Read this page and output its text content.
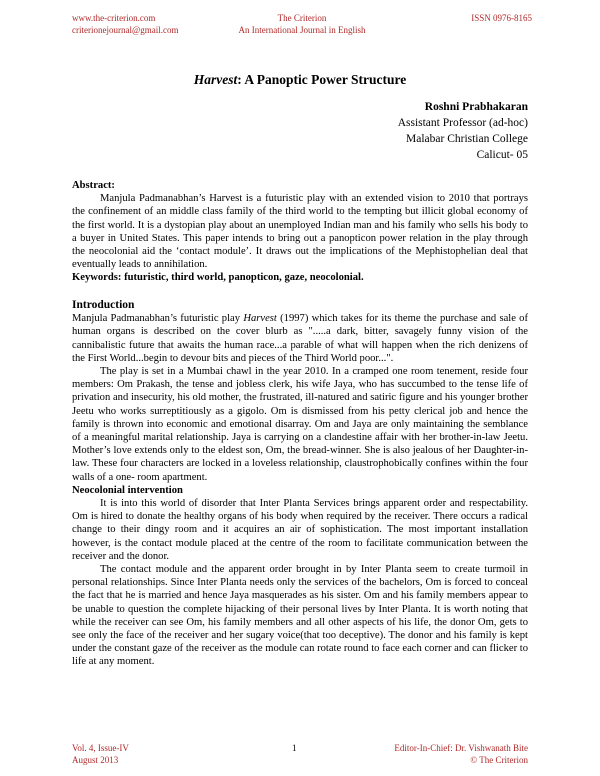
www.the-criterion.com
criterionejournal@gmail.com
The Criterion
An International Journal in English
ISSN 0976-8165
Harvest: A Panoptic Power Structure
Roshni Prabhakaran
Assistant Professor (ad-hoc)
Malabar Christian College
Calicut- 05

Abstract:

Manjula Padmanabhan’s Harvest is a futuristic play with an extended vision to 2010 that portrays the confinement of an middle class family of the third world to the tempting but illicit global economy of the first world. It is a dystopian play about an unemployed Indian man and his family who sells his body to a buyer in United States. This paper intends to bring out a panopticon power relation in the play through the neocolonial aid the ‘contact module’. It draws out the implications of the Mephistophelian deal that eventually leads to annihilation.

Keywords: futuristic, third world, panopticon, gaze, neocolonial.

Introduction

Manjula Padmanabhan’s futuristic play Harvest (1997) which takes for its theme the purchase and sale of human organs is described on the cover blurb as ".....a dark, bitter, savagely funny vision of the cannibalistic future that awaits the human race...a parable of what will happen when the rich denizens of the First World...begin to devour bits and pieces of the Third World poor...".

The play is set in a Mumbai chawl in the year 2010. In a cramped one room tenement, reside four members: Om Prakash, the tense and jobless clerk, his wife Jaya, who has succumbed to the tense life of privation and insecurity, his old mother, the frustrated, ill-natured and satiric figure and his younger brother Jeetu who works surreptitiously as a gigolo. Om is dismissed from his petty clerical job and hence the family is thrown into economic and emotional disarray. Om and Jaya are only maintaining the semblance of a meaningful marital relationship. Jaya is carrying on a clandestine affair with her brother-in-law Jeetu. Mother’s love extends only to the eldest son, Om, the bread-winner. She is also jealous of her Daughter-in-law. These four characters are locked in a loveless relationship, claustrophobically confines within the four walls of a one- room apartment.

Neocolonial intervention

It is into this world of disorder that Inter Planta Services brings apparent order and respectability. Om is hired to donate the healthy organs of his body when required by the receiver. There occurs a radical change to their dingy room and it acquires an air of sophistication. The most important installation however, is the contact module placed at the centre of the room to facilitate communication between the receiver and the donor.

The contact module and the apparent order brought in by Inter Planta seem to create turmoil in personal relationships. Since Inter Planta needs only the services of the bachelors, Om is forced to conceal the fact that he is married and hence Jaya masquerades as his sister. Om and his family members appear to be unable to question the complete hijacking of their personal lives by Inter Planta. It is worth noting that while the receiver can see Om, his family members and all other aspects of his life, the donor Om, gets to see only the face of the receiver and her sugary voice(that too deceptive). The donor and his family is kept under the constant gaze of the receiver as the module can rotate round to face each corner and can flicker to life at any moment.

Vol. 4, Issue-IV
August 2013
1	Editor-In-Chief: Dr. Vishwanath Bite
© The Criterion
